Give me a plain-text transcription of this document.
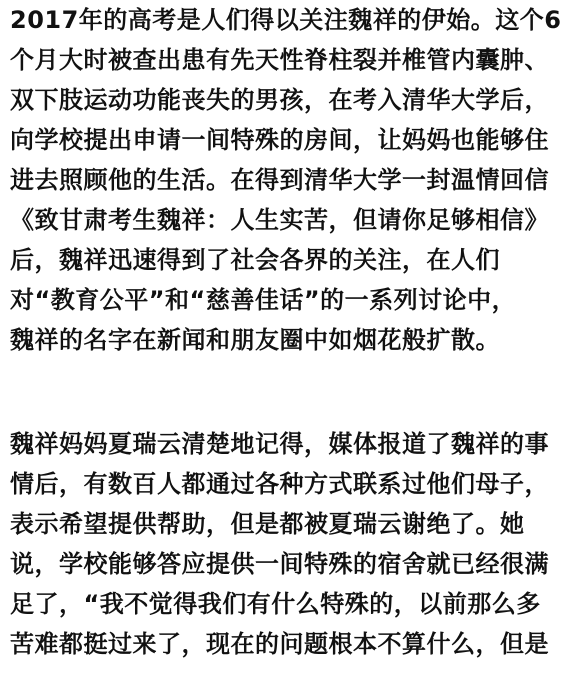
2017年的高考是人们得以关注魏祥的伊始。这个6
个月大时被查出患有先天性脊柱裂并椎管内囊肿、
双下肢运动功能丧失的男孩，在考入清华大学后，
向学校提出申请一间特殊的房间，让妈妈也能够住
进去照顾他的生活。在得到清华大学一封温情回信
《致甘肃考生魏祥：人生实苦，但请你足够相信》
后，魏祥迅速得到了社会各界的关注，在人们
对“教育公平”和“慈善佳话”的一系列讨论中，
魏祥的名字在新闻和朋友圈中如烟花般扩散。
魏祥妈妈夏瑞云清楚地记得，媒体报道了魏祥的事
情后，有数百人都通过各种方式联系过他们母子，
表示希望提供帮助，但是都被夏瑞云谢绝了。她
说，学校能够答应提供一间特殊的宿舍就已经很满
足了，“我不觉得我们有什么特殊的，以前那么多
苦难都挺过来了，现在的问题根本不算什么，但是
